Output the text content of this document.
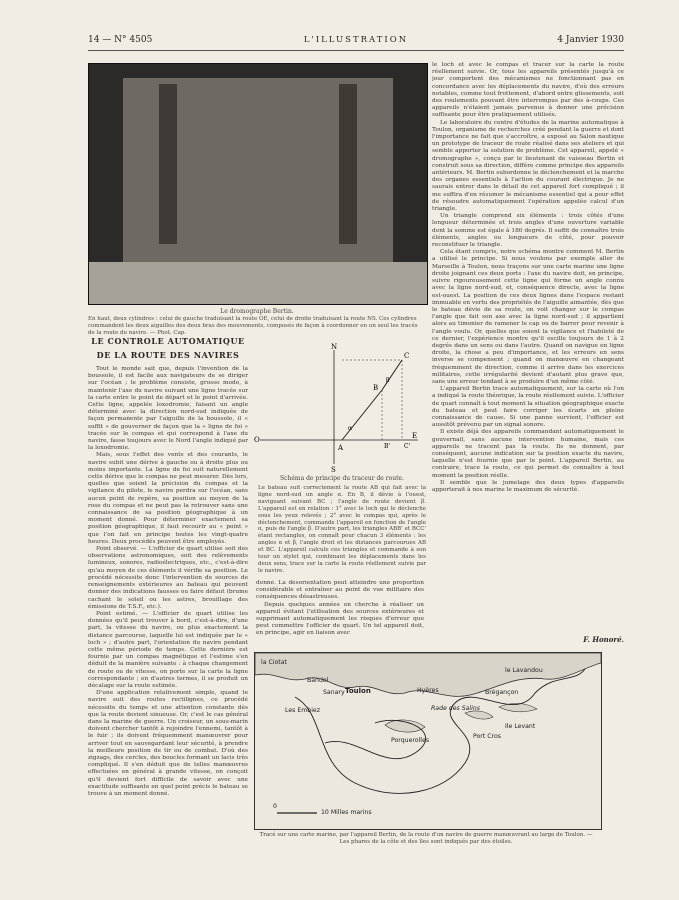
14 — N° 4505	L'ILLUSTRATION	4 Janvier 1930
Le dromographe Bertin.
En haut, deux cylindres : celui de gauche traduisant la route OE, celui de droite traduisant la route NS. Ces cylindres commandent les deux aiguilles des deux bras des mouvements, composés de façon à coordonner en un seul les tracés de la route du navire. — Phot. Cap.
LE CONTROLE AUTOMATIQUE
DE LA ROUTE DES NAVIRES

Tout le monde sait que, depuis l'invention de la boussole, il est facile aux navigateurs de se diriger sur l'océan ; le problème consiste, grosso modo, à maintenir l'axe du navire suivant une ligne tracée sur la carte entre le point de départ et le point d'arrivée. Cette ligne, appelée loxodromie, faisant un angle déterminé avec la direction nord-sud indiquée de façon permanente par l'aiguille de la boussole, il « suffit » de gouverner de façon que la « ligne de foi » tracée sur le compas et qui correspond à l'axe du navire, fasse toujours avec le Nord l'angle indiqué par la loxodromie.

Mais, sous l'effet des vents et des courants, le navire subit une dérive à gauche ou à droite plus ou moins importante. La ligne de foi suit naturellement cette dérive que le compas ne peut mesurer. Dès lors, quelles que soient la précision du compas et la vigilance du pilote, le navire perdra sur l'océan, sans aucun point de repère, sa position au moyen de la rose du compas et ne peut pas la retrouver sans une connaissance de sa position géographique à un moment donné. Pour déterminer exactement sa position géographique, il faut recourir au « point » que l'on fait en principe toutes les vingt-quatre heures. Deux procédés peuvent être employés.

Point observé. — L'officier de quart utilise soit des observations astronomiques, soit des relèvements lumineux, sonores, radioélectriques, etc., c'est-à-dire qu'au moyen de ces éléments il vérifie sa position. Le procédé nécessite donc l'intervention de sources de renseignements extérieures au bateau qui peuvent donner des indications fausses ou faire défaut (brume cachant le soleil ou les astres, brouillage des émissions de T.S.F., etc.).

Point estimé. — L'officier de quart utilise les données qu'il peut trouver à bord, c'est-à-dire, d'une part, la vitesse du navire, ou plus exactement la distance parcourue, laquelle lui est indiquée par le « loch » ; d'autre part, l'orientation du navire pendant cette même période de temps. Cette dernière est fournie par un compas magnétique et l'estime s'en déduit de la manière suivante : à chaque changement de route ou de vitesse, on porte sur la carte la ligne correspondante ; en d'autres termes, il se produit un décalage sur la route estimée.

D'une application relativement simple, quand le navire suit des routes rectilignes, ce procédé nécessite du temps et une attention constante dès que la route devient sinueuse. Or, c'est le cas général dans la marine de guerre. Un croiseur, un sous-marin doivent chercher tantôt à rejoindre l'ennemi, tantôt à le fuir ; ils doivent fréquemment manœuvrer pour arriver tout en sauvegardant leur sécurité, à prendre la meilleure position de tir ou de combat. D'où des zigzags, des cercles, des boucles formant un lacis très compliqué. Il s'en déduit que de telles manœuvres effectuées en général à grande vitesse, on conçoit qu'il devient fort difficile de savoir avec une exactitude suffisante en quel point précis le bateau se trouve à un moment donné.

N
S
E
O
A
B
C
B' C'
α
β
Schéma de principe du traceur de route.
Le bateau suit correctement la route AB qui fait avec la ligne nord-sud un angle α. En B, il dévie à l'ouest, naviguant suivant BC ; l'angle de route devient β. L'appareil est en relation : 1° avec le loch qui le déclenche sous les yeux relevés ; 2° avec le compas qui, après le déclenchement, commande l'appareil en fonction de l'angle α, puis de l'angle β. D'autre part, les triangles ABB' et BCC' étant rectangles, on connaît pour chacun 3 éléments : les angles α et β, l'angle droit et les distances parcourues AB et BC. L'appareil calcule ces triangles et commande à son tour un stylet qui, combinant les déplacements dans les deux sens, trace sur la carte la route réellement suivie par le navire.

donné. La désorientation peut atteindre une proportion considérable et entraîner au point de vue militaire des conséquences désastreuses.

Depuis quelques années on cherche à réaliser un appareil évitant l'utilisation des sources extérieures et supprimant automatiquement les risques d'erreur que peut commettre l'officier de quart. Un tel appareil doit, en principe, agir en liaison avec

le loch et avec le compas et tracer sur la carte la route réellement suivie. Or, tous les appareils présentés jusqu'à ce jour comportent des mécanismes ne fonctionnant pas en concordance avec les déplacements du navire, d'où des erreurs notables, comme tout frottement, d'abord entre glissements, soit des roulements pouvant être interrompus par des à-coups. Ces appareils n'étaient jamais parvenus à donner une précision suffisante pour être pratiquement utilisés.

Le laboratoire du centre d'études de la marine automatique à Toulon, organisme de recherches créé pendant la guerre et dont l'importance ne fait que s'accroître, a exposé au Salon nautique un prototype de traceur de route réalisé dans ses ateliers et qui semble apporter la solution de problème. Cet appareil, appelé « dromographe », conçu par le lieutenant de vaisseau Bertin et construit sous sa direction, diffère comme principe des appareils antérieurs. M. Bertin subordonne le déclenchement et la marche des organes essentiels à l'action du courant électrique. Je ne saurais entrer dans le détail de cet appareil fort compliqué ; il me suffira d'en résumer le mécanisme essentiel qui a pour effet de résoudre automatiquement l'opération appelée calcul d'un triangle.

Un triangle comprend six éléments : trois côtés d'une longueur déterminée et trois angles d'une ouverture variable dont la somme est égale à 180 degrés. Il suffit de connaître trois éléments, angles ou longueurs de côté, pour pouvoir reconstituer le triangle.

Cela étant compris, notre schéma montre comment M. Bertin a utilisé le principe. Si nous voulons par exemple aller de Marseille à Toulon, nous traçons sur une carte marine une ligne droite joignant ces deux ports : l'axe du navire doit, en principe, suivre rigoureusement cette ligne qui forme un angle connu avec la ligne nord-sud, et, conséquence directe, avec la ligne est-ouest. La position de ces deux lignes dans l'espace restant immuable en vertu des propriétés de l'aiguille aimantée, dès que le bateau dévie de sa route, on voit changer sur le compas l'angle que fait son axe avec la ligne nord-sud ; il appartient alors au timonier de ramener le cap ou de barrer pour revenir à l'angle voulu. Or, quelles que soient la vigilance et l'habileté de ce dernier, l'expérience montre qu'il oscille toujours de 1 à 2 degrés dans un sens ou dans l'autre. Quand on navigue en ligne droite, la chose a peu d'importance, et les erreurs en sens inverse se compensent ; quand on manœuvre en changeant fréquemment de direction, comme il arrive dans les exercices militaires, cette irrégularité devient d'autant plus grave que, sans une erreur tendant à se produire d'un même côté.

L'appareil Bertin trace automatiquement, sur la carte où l'on a indiqué la route théorique, la route réellement suivie. L'officier de quart connaît à tout moment la situation géographique exacte du bateau et peut faire corriger les écarts en pleine connaissance de cause. Si une panne survient, l'officier est aussitôt prévenu par un signal sonore.

Il existe déjà des appareils commandant automatiquement le gouvernail, sans aucune intervention humaine, mais ces appareils ne tracent pas la route. Ils ne donnent, par conséquent, aucune indication sur la position exacte du navire, laquelle n'est fournie que par le point. L'appareil Bertin, au contraire, trace la route, ce qui permet de connaître à tout moment la position réelle.

Il semble que le jumelage des deux types d'appareils apporterait à nos marins le maximum de sécurité.

F. Honoré.
la Ciotat
Bandol
Sanary Toulon	Hyères
le Lavandou
Brégançon
Les Embiez	Rade des Salins
Ile Levant
Porquerolles
Port Cros
0
10 Milles marins
Tracé sur une carte marine, par l'appareil Bertin, de la route d'un navire de guerre manœuvrant au large de Toulon. — Les phares de la côte et des îles sont indiqués par des étoiles.
